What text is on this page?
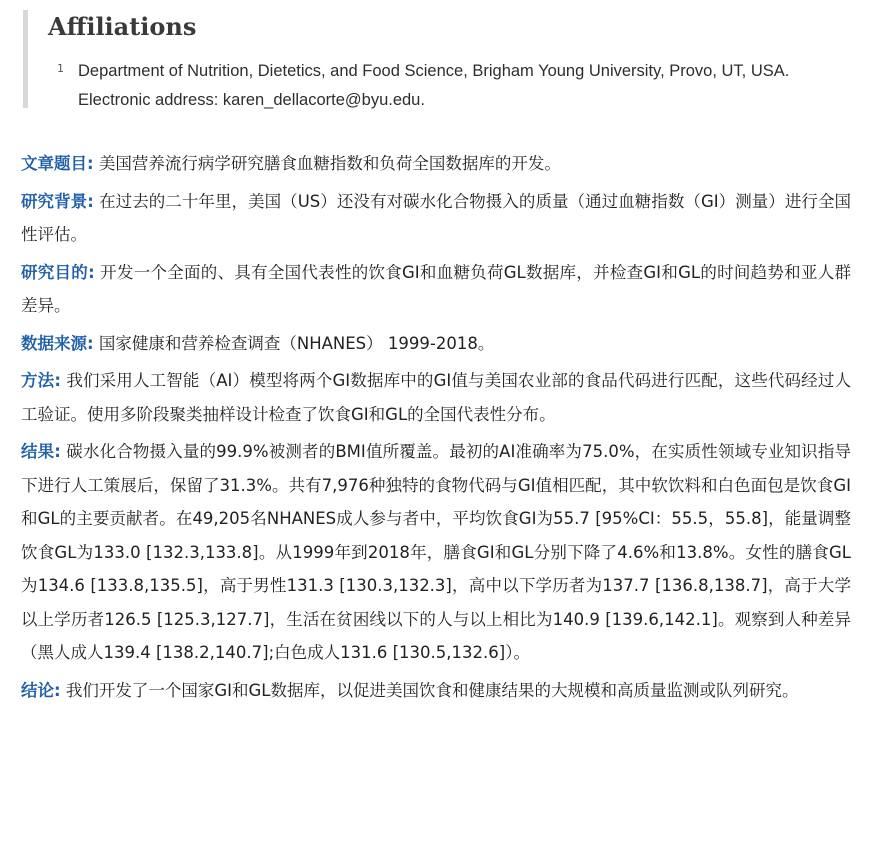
Affiliations
1 Department of Nutrition, Dietetics, and Food Science, Brigham Young University, Provo, UT, USA. Electronic address: karen_dellacorte@byu.edu.

文章题目: 美国营养流行病学研究膳食血糖指数和负荷全国数据库的开发。

研究背景: 在过去的二十年里，美国（US）还没有对碳水化合物摄入的质量（通过血糖指数（GI）测量）进行全国性评估。

研究目的: 开发一个全面的、具有全国代表性的饮食GI和血糖负荷GL数据库，并检查GI和GL的时间趋势和亚人群差异。

数据来源: 国家健康和营养检查调查（NHANES） 1999-2018。

方法: 我们采用人工智能（AI）模型将两个GI数据库中的GI值与美国农业部的食品代码进行匹配，这些代码经过人工验证。使用多阶段聚类抽样设计检查了饮食GI和GL的全国代表性分布。

结果: 碳水化合物摄入量的99.9%被测者的BMI值所覆盖。最初的AI准确率为75.0%，在实质性领域专业知识指导下进行人工策展后，保留了31.3%。共有7,976种独特的食物代码与GI值相匹配，其中软饮料和白色面包是饮食GI和GL的主要贡献者。在49,205名NHANES成人参与者中，平均饮食GI为55.7 [95%CI：55.5，55.8]，能量调整饮食GL为133.0 [132.3,133.8]。从1999年到2018年，膳食GI和GL分别下降了4.6%和13.8%。女性的膳食GL为134.6 [133.8,135.5]，高于男性131.3 [130.3,132.3]，高中以下学历者为137.7 [136.8,138.7]，高于大学以上学历者126.5 [125.3,127.7]，生活在贫困线以下的人与以上相比为140.9 [139.6,142.1]。观察到人种差异（黑人成人139.4 [138.2,140.7];白色成人131.6 [130.5,132.6]）。

结论: 我们开发了一个国家GI和GL数据库，以促进美国饮食和健康结果的大规模和高质量监测或队列研究。
